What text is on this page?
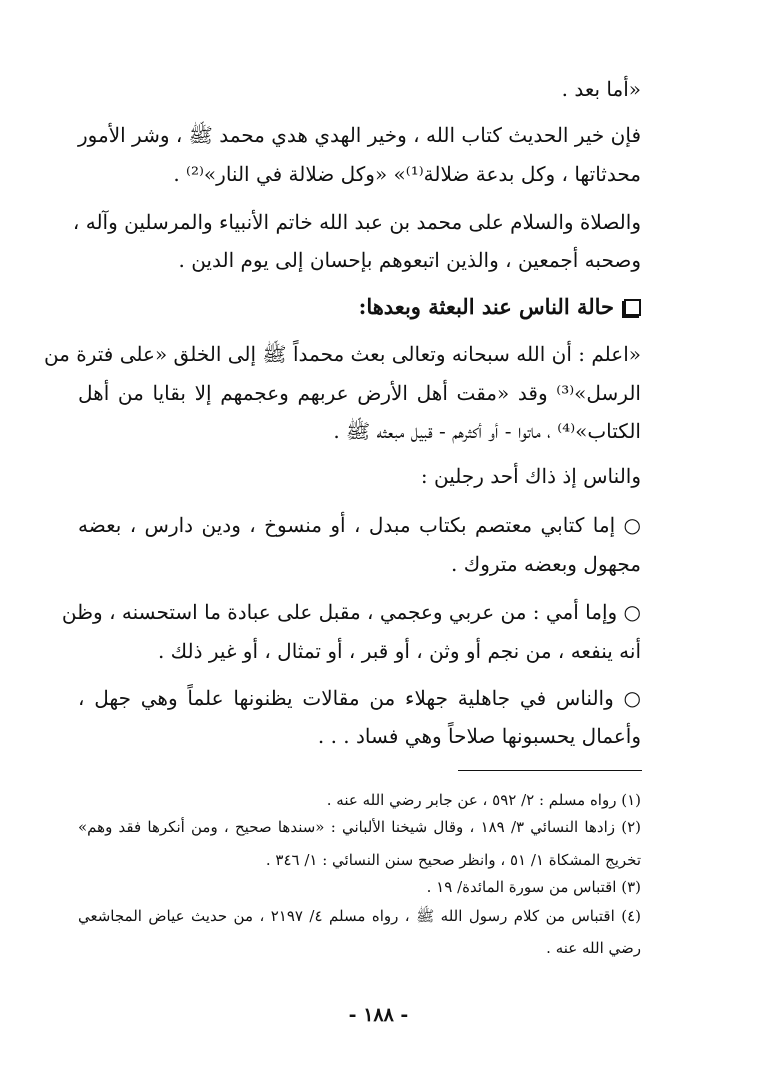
«أما بعد .
فإن خير الحديث كتاب الله ، وخير الهدي هدي محمد ﷺ ، وشر الأمور
محدثاتها ، وكل بدعة ضلالة⁽¹⁾» «وكل ضلالة في النار»⁽²⁾ .
والصلاة والسلام على محمد بن عبد الله خاتم الأنبياء والمرسلين وآله ،
وصحبه أجمعين ، والذين اتبعوهم بإحسان إلى يوم الدين .
حالة الناس عند البعثة وبعدها:
«اعلم : أن الله سبحانه وتعالى بعث محمداً ﷺ إلى الخلق «على فترة من
الرسل»⁽³⁾ وقد «مقت أهل الأرض عربهم وعجمهم إلا بقايا من أهل
الكتاب»⁽⁴⁾ ، ماتوا - أو أكثرهم - قبيل مبعثه ﷺ .
والناس إذ ذاك أحد رجلين :
○ إما كتابي معتصم بكتاب مبدل ، أو منسوخ ، ودين دارس ، بعضه
مجهول وبعضه متروك .
○ وإما أمي : من عربي وعجمي ، مقبل على عبادة ما استحسنه ، وظن
أنه ينفعه ، من نجم أو وثن ، أو قبر ، أو تمثال ، أو غير ذلك .
○ والناس في جاهلية جهلاء من مقالات يظنونها علماً وهي جهل ،
وأعمال يحسبونها صلاحاً وهي فساد . . .
(١) رواه مسلم : ٢/ ٥٩٢ ، عن جابر رضي الله عنه .
(٢) زادها النسائي ٣/ ١٨٩ ، وقال شيخنا الألباني : «سندها صحيح ، ومن أنكرها فقد وهم»
تخريج المشكاة ١/ ٥١ ، وانظر صحيح سنن النسائي : ١/ ٣٤٦ .
(٣) اقتباس من سورة المائدة/ ١٩ .
(٤) اقتباس من كلام رسول الله ﷺ ، رواه مسلم ٤/ ٢١٩٧ ، من حديث عياض المجاشعي
رضي الله عنه .
- ١٨٨ -
